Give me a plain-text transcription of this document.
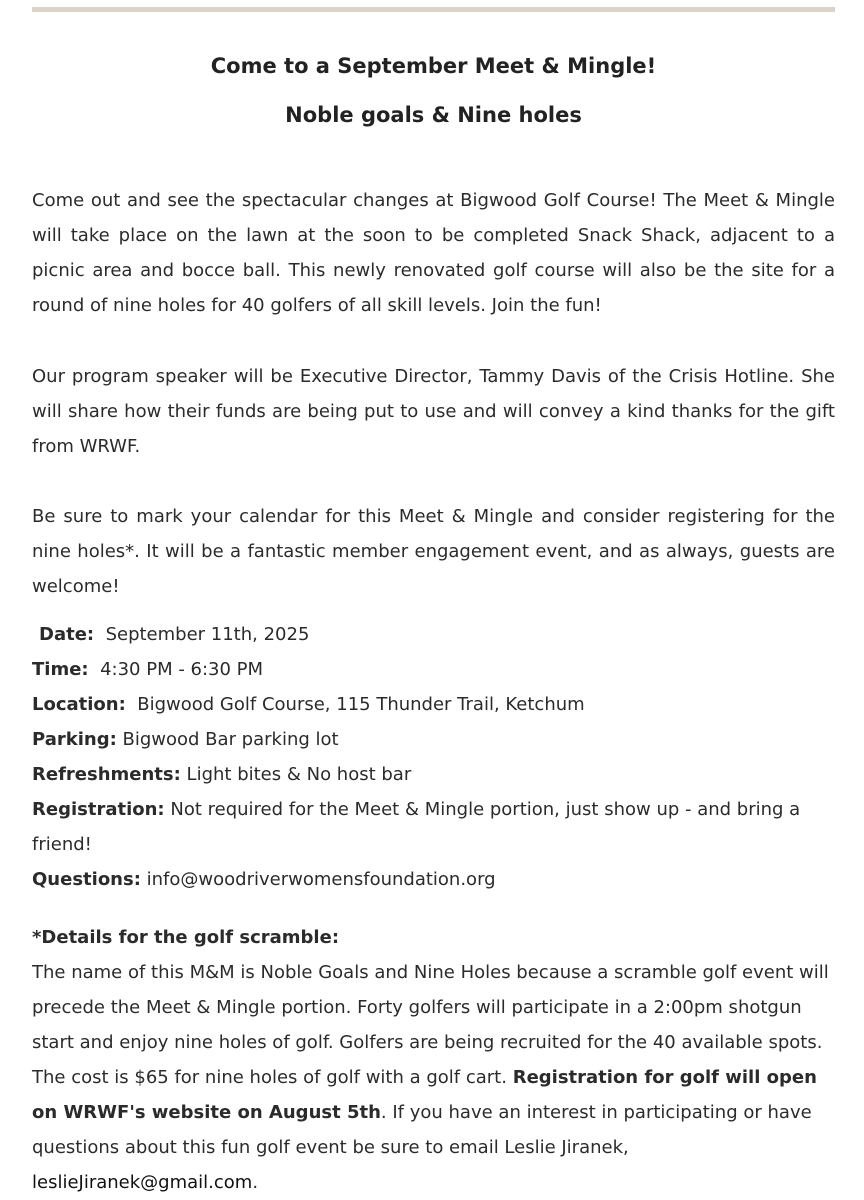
Come to a September Meet & Mingle!
Noble goals & Nine holes

Come out and see the spectacular changes at Bigwood Golf Course! The Meet & Mingle will take place on the lawn at the soon to be completed Snack Shack, adjacent to a picnic area and bocce ball. This newly renovated golf course will also be the site for a round of nine holes for 40 golfers of all skill levels. Join the fun!

Our program speaker will be Executive Director, Tammy Davis of the Crisis Hotline. She will share how their funds are being put to use and will convey a kind thanks for the gift from WRWF.

Be sure to mark your calendar for this Meet & Mingle and consider registering for the nine holes*. It will be a fantastic member engagement event, and as always, guests are welcome!

Date: September 11th, 2025
Time: 4:30 PM - 6:30 PM
Location: Bigwood Golf Course, 115 Thunder Trail, Ketchum
Parking: Bigwood Bar parking lot
Refreshments: Light bites & No host bar
Registration: Not required for the Meet & Mingle portion, just show up - and bring a friend!
Questions: info@woodriverwomensfoundation.org
*Details for the golf scramble:
The name of this M&M is Noble Goals and Nine Holes because a scramble golf event will precede the Meet & Mingle portion. Forty golfers will participate in a 2:00pm shotgun start and enjoy nine holes of golf. Golfers are being recruited for the 40 available spots. The cost is $65 for nine holes of golf with a golf cart. Registration for golf will open on WRWF's website on August 5th. If you have an interest in participating or have questions about this fun golf event be sure to email Leslie Jiranek, leslieJiranek@gmail.com.
